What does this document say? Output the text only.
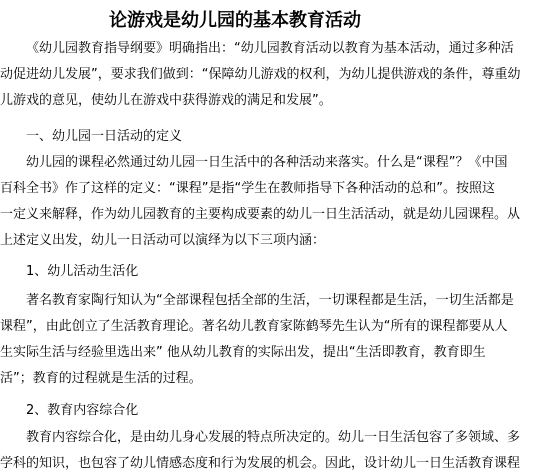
论游戏是幼儿园的基本教育活动
《幼儿园教育指导纲要》明确指出：“幼儿园教育活动以教育为基本活动，通过多种活
动促进幼儿发展”，要求我们做到：“保障幼儿游戏的权利，为幼儿提供游戏的条件，尊重幼
儿游戏的意见，使幼儿在游戏中获得游戏的满足和发展”。
一、幼儿园一日活动的定义
幼儿园的课程必然通过幼儿园一日生活中的各种活动来落实。什么是“课程”？《中国
百科全书》作了这样的定义：“课程”是指“学生在教师指导下各种活动的总和”。按照这
一定义来解释，作为幼儿园教育的主要构成要素的幼儿一日生活活动，就是幼儿园课程。从
上述定义出发，幼儿一日活动可以演绎为以下三项内涵：
1、幼儿活动生活化
著名教育家陶行知认为“全部课程包括全部的生活，一切课程都是生活，一切生活都是
课程”，由此创立了生活教育理论。著名幼儿教育家陈鹤琴先生认为“所有的课程都要从人
生实际生活与经验里选出来” 他从幼儿教育的实际出发，提出“生活即教育，教育即生
活”；教育的过程就是生活的过程。
2、教育内容综合化
教育内容综合化，是由幼儿身心发展的特点所决定的。幼儿一日生活包容了多领域、多
学科的知识，也包容了幼儿情感态度和行为发展的机会。因此，设计幼儿一日生活教育课程
